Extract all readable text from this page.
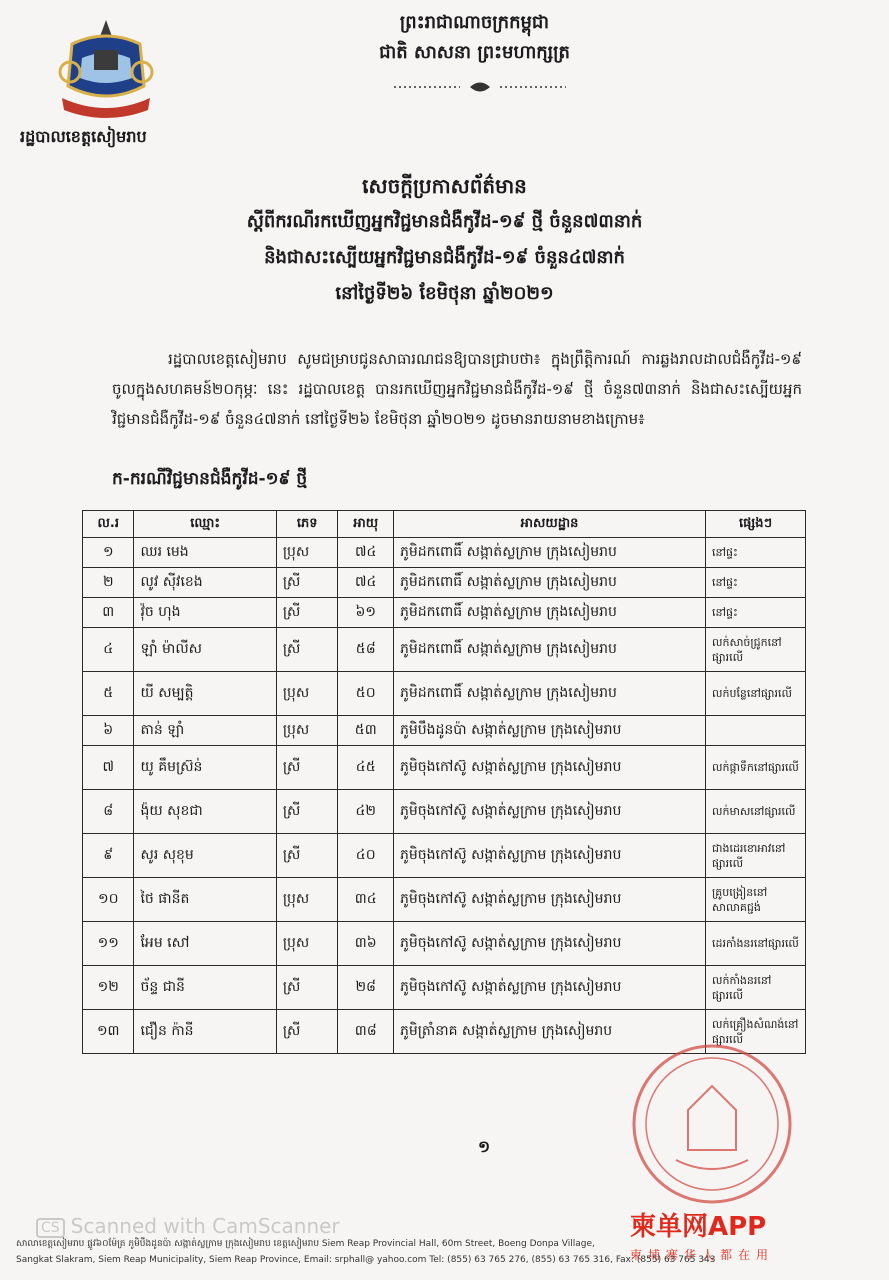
រដ្ឋបាលខេត្តសៀមរាប
ព្រះរាជាណាចក្រកម្ពុជា
ជាតិ សាសនា ព្រះមហាក្សត្រ
សេចក្តីប្រកាសព័ត៌មាន
ស្តីពីករណីរកឃើញអ្នកវិជ្ជមានជំងឺកូវីដ-១៩ ថ្មី ចំនួន៧៣នាក់
និងជាសះស្បើយអ្នកវិជ្ជមានជំងឺកូវីដ-១៩ ចំនួន៤៧នាក់
នៅថ្ងៃទី២៦ ខែមិថុនា ឆ្នាំ២០២១

រដ្ឋបាលខេត្តសៀមរាប សូមជម្រាបជូនសាធារណជនឱ្យបានជ្រាបថា៖ ក្នុងព្រឹត្តិការណ៍ ការឆ្លងរាលដាលជំងឺកូវីដ-១៩ ចូលក្នុងសហគមន៍២០កុម្ភៈ នេះ រដ្ឋបាលខេត្ត បានរកឃើញអ្នកវិជ្ជមានជំងឺកូវីដ-១៩ ថ្មី ចំនួន៧៣នាក់ និងជាសះស្បើយអ្នកវិជ្ជមានជំងឺកូវីដ-១៩ ចំនួន៤៧នាក់ នៅថ្ងៃទី២៦ ខែមិថុនា ឆ្នាំ២០២១ ដូចមានរាយនាមខាងក្រោម៖

ក-ករណីវិជ្ជមានជំងឺកូវីដ-១៩ ថ្មី
ល.រ	ឈ្មោះ	ភេទ	អាយុ	អាសយដ្ឋាន	ផ្សេងៗ
១	ឈរ មេង	ប្រុស	៧៤	ភូមិដកពោធិ៍ សង្កាត់ស្លក្រាម ក្រុងសៀមរាប	នៅផ្ទះ
២	លូវ ស៊ីវខេង	ស្រី	៧៤	ភូមិដកពោធិ៍ សង្កាត់ស្លក្រាម ក្រុងសៀមរាប	នៅផ្ទះ
៣	វ៉ុច ហុង	ស្រី	៦១	ភូមិដកពោធិ៍ សង្កាត់ស្លក្រាម ក្រុងសៀមរាប	នៅផ្ទះ
៤	ឡាំ ម៉ាលីស	ស្រី	៥៨	ភូមិដកពោធិ៍ សង្កាត់ស្លក្រាម ក្រុងសៀមរាប	លក់សាច់ជ្រូកនៅផ្សារលើ
៥	យី សម្បត្តិ	ប្រុស	៥០	ភូមិដកពោធិ៍ សង្កាត់ស្លក្រាម ក្រុងសៀមរាប	លក់បន្លែនៅផ្សារលើ
៦	តាន់ ឡាំ	ប្រុស	៥៣	ភូមិបឹងដូនប៉ា សង្កាត់ស្លក្រាម ក្រុងសៀមរាប	
៧	យូ គឹមស្រ៊ន់	ស្រី	៤៥	ភូមិចុងកៅស៊ូ សង្កាត់ស្លក្រាម ក្រុងសៀមរាប	លក់ផ្កាទឹកនៅផ្សារលើ
៨	ង៉ុយ សុខជា	ស្រី	៤២	ភូមិចុងកៅស៊ូ សង្កាត់ស្លក្រាម ក្រុងសៀមរាប	លក់មាសនៅផ្សារលើ
៩	សូរ សុខុម	ស្រី	៤០	ភូមិចុងកៅស៊ូ សង្កាត់ស្លក្រាម ក្រុងសៀមរាប	ជាងដេរខោអាវនៅផ្សារលើ
១០	ថៃ ផានីត	ប្រុស	៣៤	ភូមិចុងកៅស៊ូ សង្កាត់ស្លក្រាម ក្រុងសៀមរាប	គ្រូបង្រៀននៅសាលាគជ្ជង់
១១	អែម សៅ	ប្រុស	៣៦	ភូមិចុងកៅស៊ូ សង្កាត់ស្លក្រាម ក្រុងសៀមរាប	ដេរកាំងនរនៅផ្សារលើ
១២	ច័ន្ទ ជានី	ស្រី	២៨	ភូមិចុងកៅស៊ូ សង្កាត់ស្លក្រាម ក្រុងសៀមរាប	លក់កាំងនរនៅផ្សារលើ
១៣	ជឿន ក៉ានី	ស្រី	៣៨	ភូមិត្រាំនាគ សង្កាត់ស្លក្រាម ក្រុងសៀមរាប	លក់គ្រឿងសំណង់នៅផ្សារលើ
១
CS Scanned with CamScanner	柬单网APP
柬埔寨华人都在用
សាលាខេត្តសៀមរាប ផ្លូវ៦០ម៉ែត្រ ភូមិបឹងដូនប៉ា សង្កាត់ស្លក្រាម ក្រុងសៀមរាប ខេត្តសៀមរាប Siem Reap Provincial Hall, 60m Street, Boeng Donpa Village,
Sangkat Slakram, Siem Reap Municipality, Siem Reap Province, Email: srphall@ yahoo.com Tel: (855) 63 765 276, (855) 63 765 316, Fax: (855) 63 765 343
